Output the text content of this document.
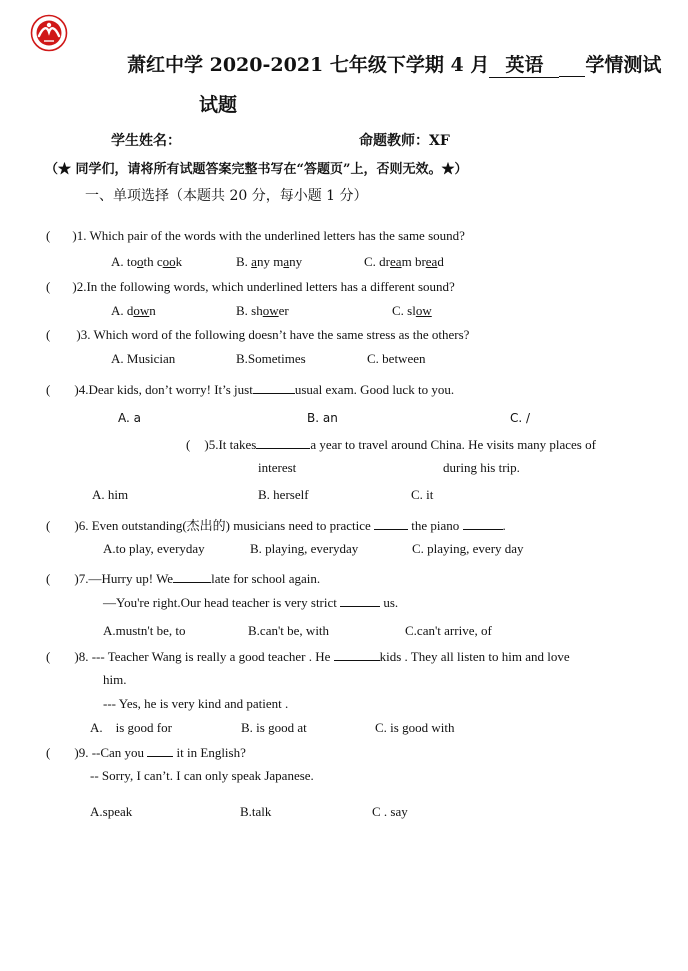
萧红中学 2020-2021 七年级下学期 4 月 英语 学情测试
试题
学生姓名：	命题教师：XF
（★ 同学们，请将所有试题答案完整书写在“答题页”上，否则无效。★）
一、单项选择（本题共 20 分，每小题 1 分）
( )1. Which pair of the words with the underlined letters has the same sound?
A. tooth cook	B. any many	C. dream bread
( )2.In the following words, which underlined letters has a different sound?
A. down	B. shower	C. slow
( )3. Which word of the following doesn’t have the same stress as the others?
A. Musician	B.Sometimes	C. between
( )4.Dear kids, don’t worry! It’s just	usual exam. Good luck to you.
A. a	B. an	C. /
( )5.It takes	a year to travel around China. He visits many places of
interest	during his trip.
A. him	B. herself	C. it
( )6. Even outstanding(杰出的) musicians need to practice	the piano	.
A.to play, everyday	B. playing, everyday	C. playing, every day
( )7.—Hurry up! We	late for school again.
—You're right.Our head teacher is very strict	us.
A.mustn't be, to	B.can't be, with	C.can't arrive, of
( )8. --- Teacher Wang is really a good teacher . He	kids . They all listen to him and love
him.
--- Yes, he is very kind and patient .
A.    is good for	B. is good at	C. is good with
( )9. --Can you	it in English?
-- Sorry, I can’t. I can only speak Japanese.
A.speak	B.talk	C . say
